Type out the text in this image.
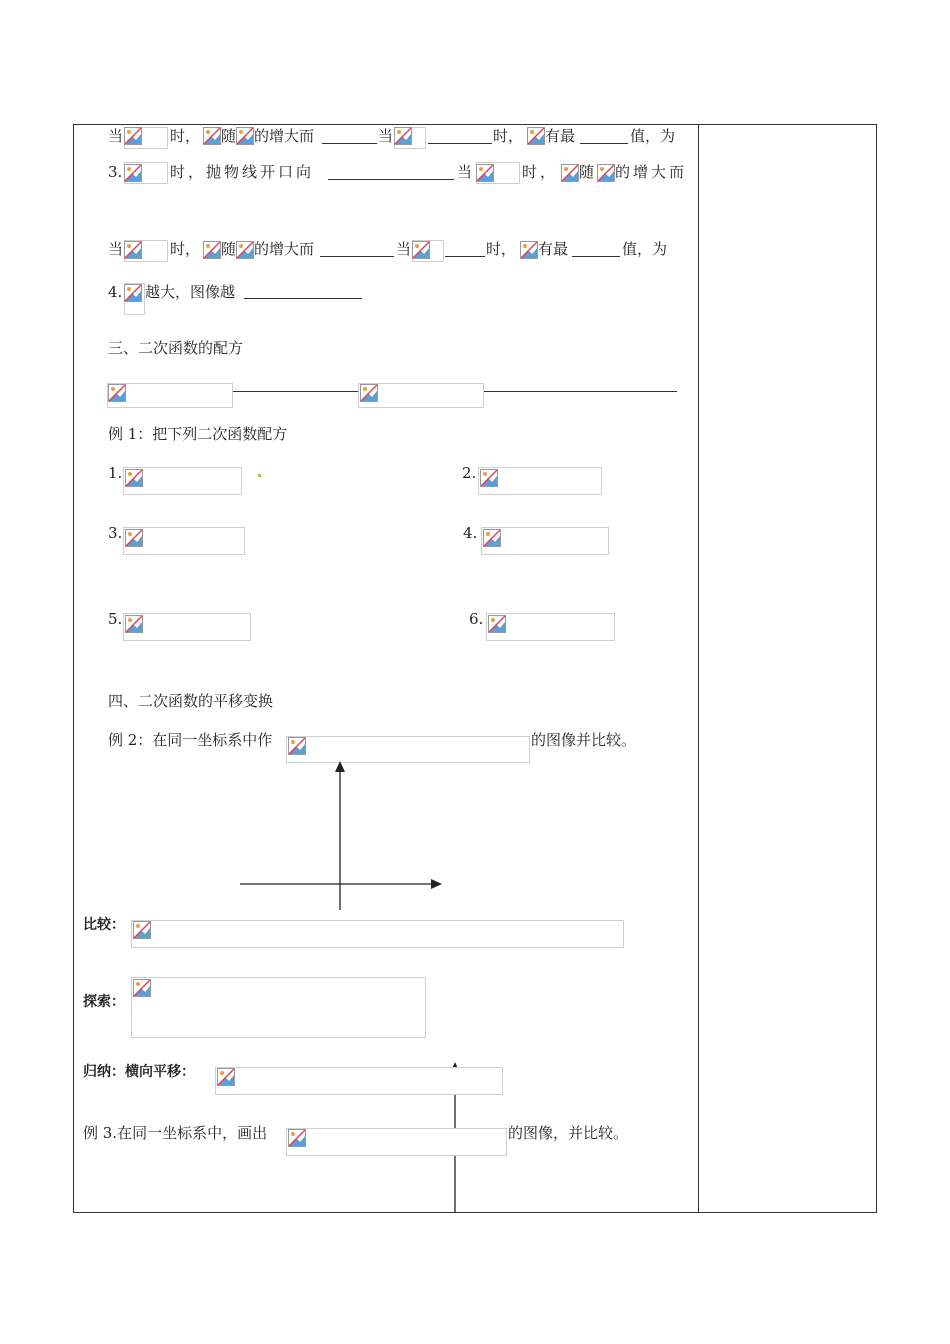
当	时， 随 的增大而	当	时， 有最	值，为
3.	时，抛物线开口向	当	时， 随 的增大而
当	时， 随 的增大而	当	时， 有最	值，为
4. 越大，图像越
三、二次函数的配方
例 1：把下列二次函数配方
1.	2.
3.	4.
5.	6.
四、二次函数的平移变换
例 2：在同一坐标系中作	的图像并比较。
比较：
探索：
归纳：横向平移：
例 3.在同一坐标系中，画出	的图像，并比较。
